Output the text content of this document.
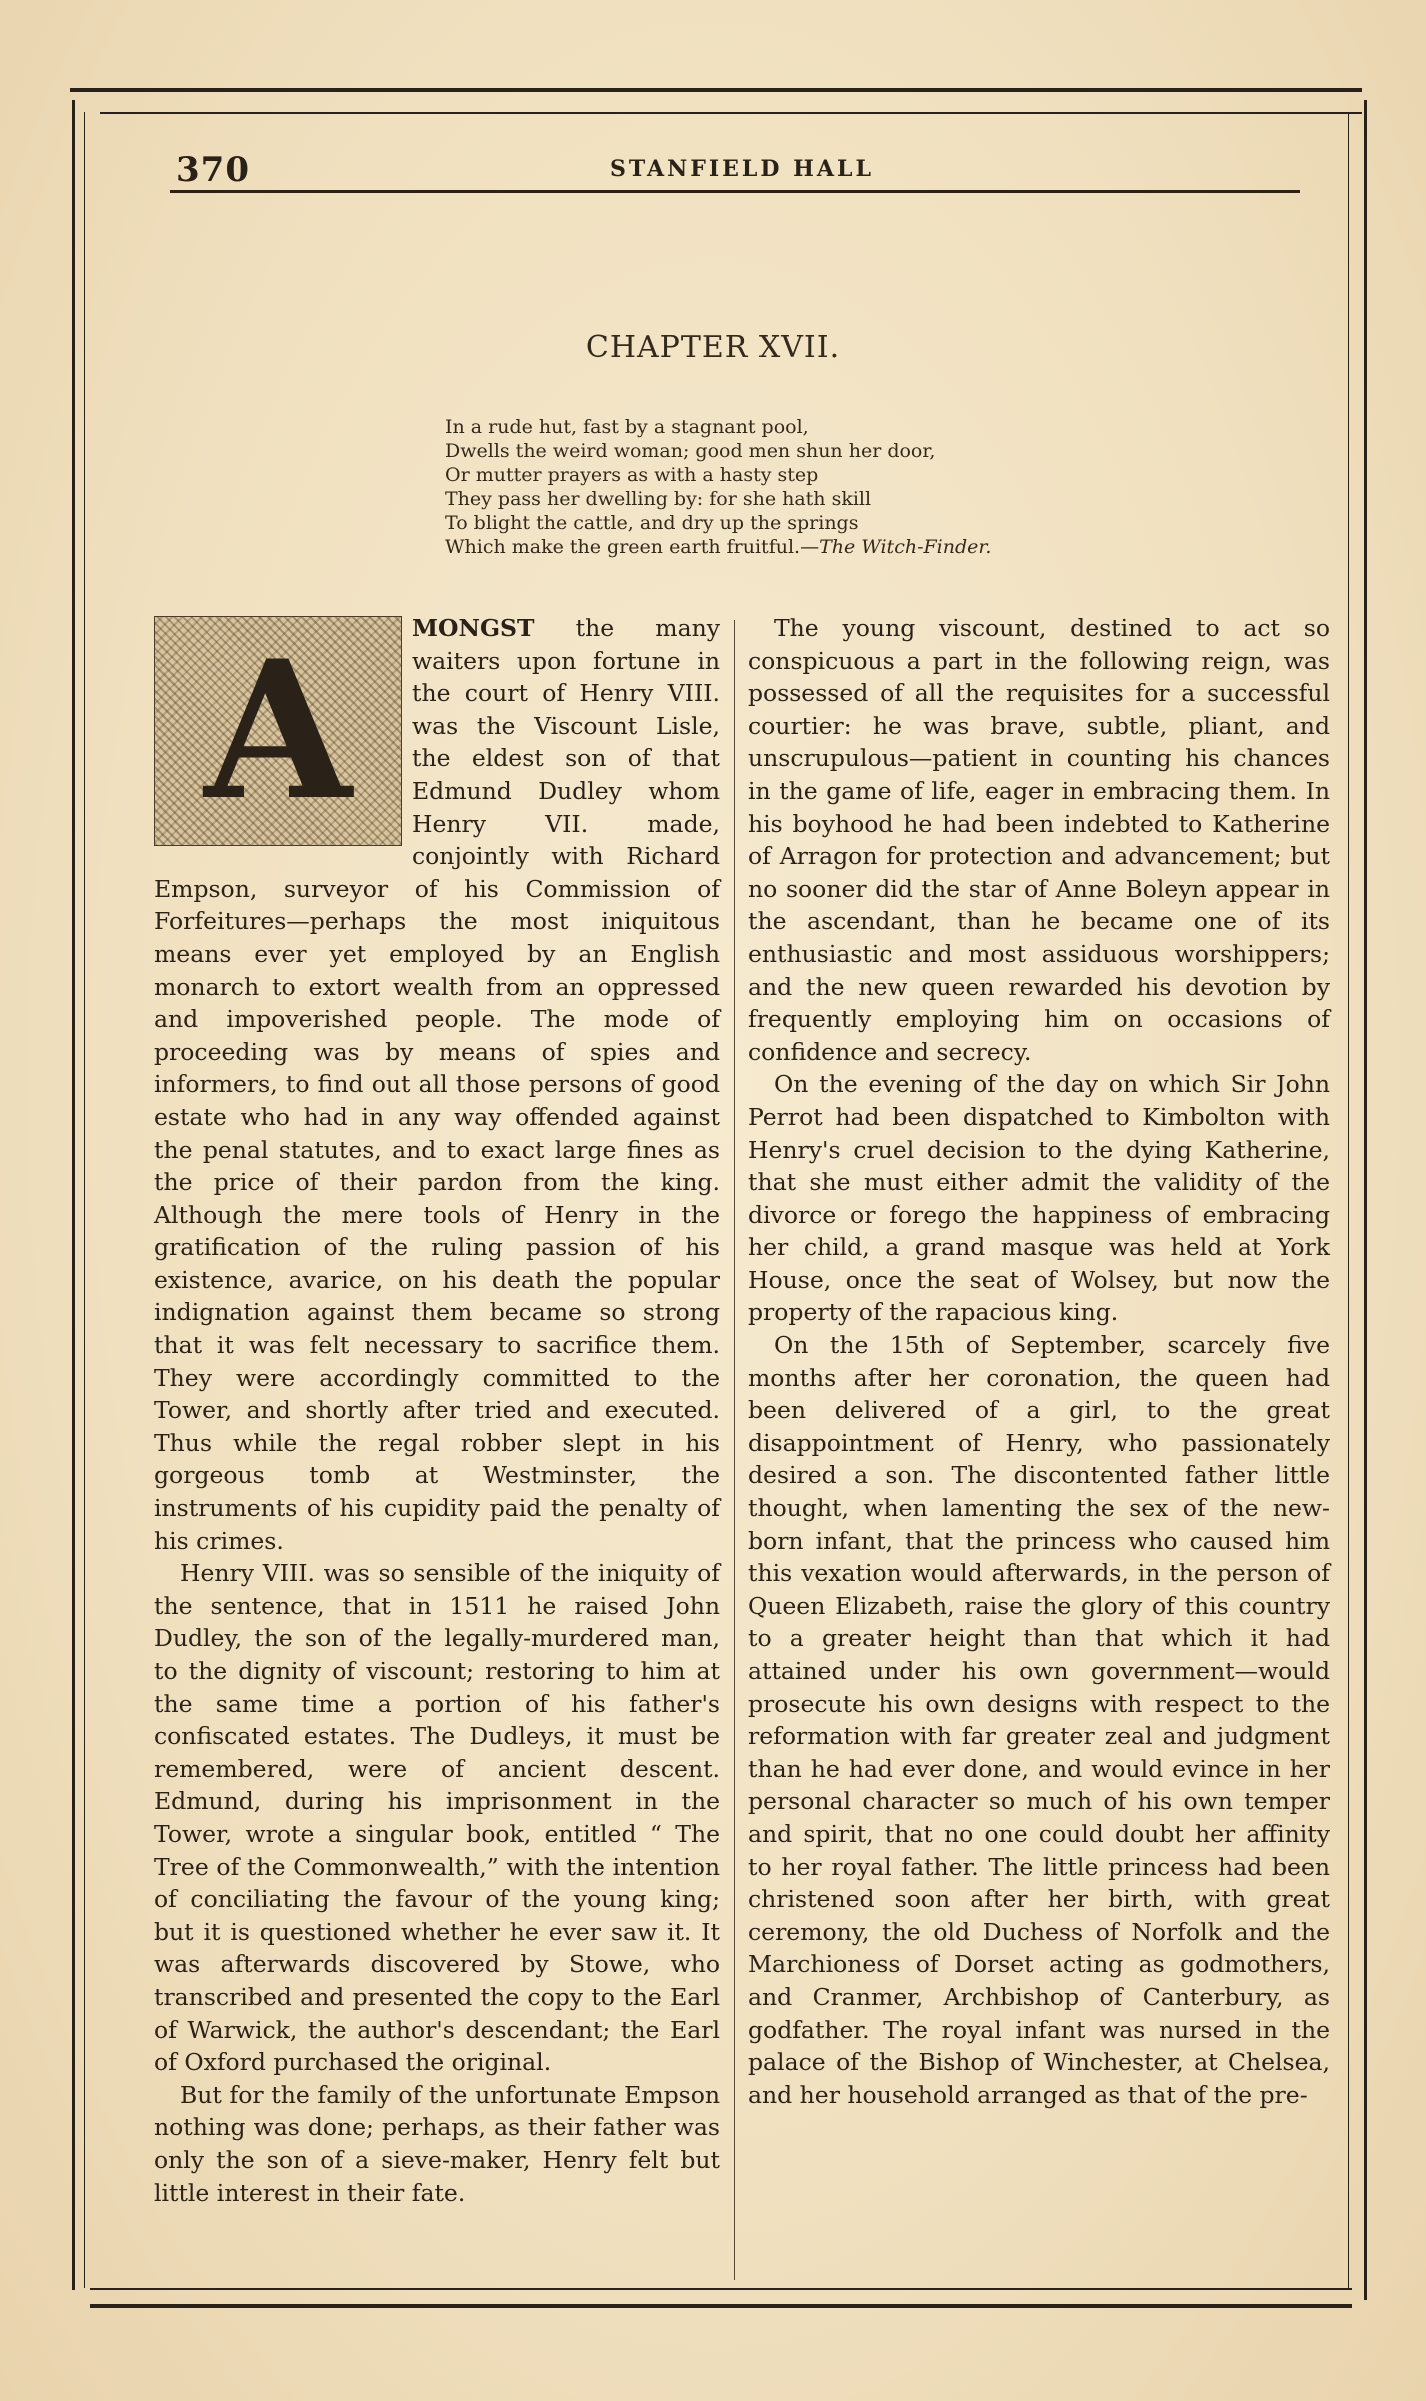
370	STANFIELD HALL
CHAPTER XVII.
In a rude hut, fast by a stagnant pool,
Dwells the weird woman; good men shun her door,
Or mutter prayers as with a hasty step
They pass her dwelling by: for she hath skill
To blight the cattle, and dry up the springs
Which make the green earth fruitful.—The Witch-Finder.

A	MONGST the many waiters upon fortune in the court of Henry VIII. was the Viscount Lisle, the eldest son of that Edmund Dudley whom Henry VII. made, conjointly with Richard Empson, surveyor of his Commission of Forfeitures—perhaps the most iniquitous means ever yet employed by an English monarch to extort wealth from an oppressed and impoverished people. The mode of proceeding was by means of spies and informers, to find out all those persons of good estate who had in any way offended against the penal statutes, and to exact large fines as the price of their pardon from the king. Although the mere tools of Henry in the gratification of the ruling passion of his existence, avarice, on his death the popular indignation against them became so strong that it was felt necessary to sacrifice them. They were accordingly committed to the Tower, and shortly after tried and executed. Thus while the regal robber slept in his gorgeous tomb at Westminster, the instruments of his cupidity paid the penalty of his crimes.

Henry VIII. was so sensible of the iniquity of the sentence, that in 1511 he raised John Dudley, the son of the legally-murdered man, to the dignity of viscount; restoring to him at the same time a portion of his father's confiscated estates. The Dudleys, it must be remembered, were of ancient descent. Edmund, during his imprisonment in the Tower, wrote a singular book, entitled “ The Tree of the Commonwealth,” with the intention of conciliating the favour of the young king; but it is questioned whether he ever saw it. It was afterwards discovered by Stowe, who transcribed and presented the copy to the Earl of Warwick, the author's descendant; the Earl of Oxford purchased the original.

But for the family of the unfortunate Empson nothing was done; perhaps, as their father was only the son of a sieve-maker, Henry felt but little interest in their fate.

The young viscount, destined to act so conspicuous a part in the following reign, was possessed of all the requisites for a successful courtier: he was brave, subtle, pliant, and unscrupulous—patient in counting his chances in the game of life, eager in embracing them. In his boyhood he had been indebted to Katherine of Arragon for protection and advancement; but no sooner did the star of Anne Boleyn appear in the ascendant, than he became one of its enthusiastic and most assiduous worshippers; and the new queen rewarded his devotion by frequently employing him on occasions of confidence and secrecy.

On the evening of the day on which Sir John Perrot had been dispatched to Kimbolton with Henry's cruel decision to the dying Katherine, that she must either admit the validity of the divorce or forego the happiness of embracing her child, a grand masque was held at York House, once the seat of Wolsey, but now the property of the rapacious king.

On the 15th of September, scarcely five months after her coronation, the queen had been delivered of a girl, to the great disappointment of Henry, who passionately desired a son. The discontented father little thought, when lamenting the sex of the new-born infant, that the princess who caused him this vexation would afterwards, in the person of Queen Elizabeth, raise the glory of this country to a greater height than that which it had attained under his own government—would prosecute his own designs with respect to the reformation with far greater zeal and judgment than he had ever done, and would evince in her personal character so much of his own temper and spirit, that no one could doubt her affinity to her royal father. The little princess had been christened soon after her birth, with great ceremony, the old Duchess of Norfolk and the Marchioness of Dorset acting as godmothers, and Cranmer, Archbishop of Canterbury, as godfather. The royal infant was nursed in the palace of the Bishop of Winchester, at Chelsea, and her household arranged as that of the pre-
